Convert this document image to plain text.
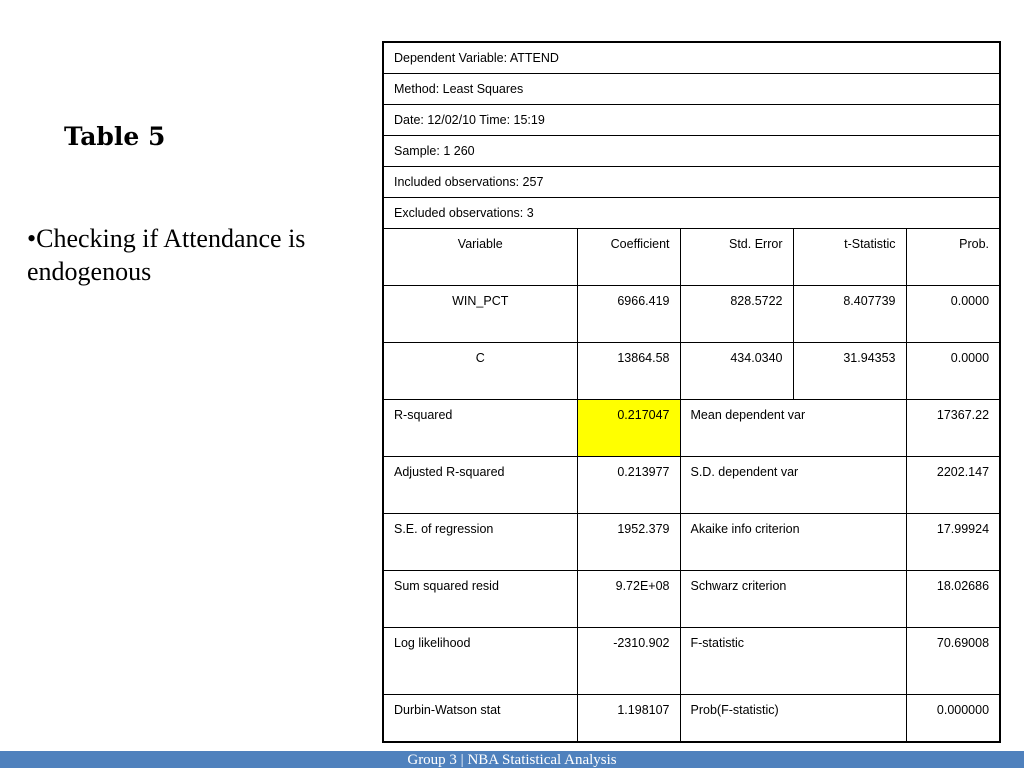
Table 5
•Checking if Attendance is endogenous
Dependent Variable: ATTEND				
Method: Least Squares				
Date: 12/02/10 Time: 15:19				
Sample: 1 260				
Included observations: 257				
Excluded observations: 3				
Variable	Coefficient	Std. Error	t-Statistic	Prob.
WIN_PCT	6966.419	828.5722	8.407739	0.0000
C	13864.58	434.0340	31.94353	0.0000
R-squared	0.217047	Mean dependent var		17367.22
Adjusted R-squared	0.213977	S.D. dependent var		2202.147
S.E. of regression	1952.379	Akaike info criterion		17.99924
Sum squared resid	9.72E+08	Schwarz criterion		18.02686
Log likelihood	-2310.902	F-statistic		70.69008
Durbin-Watson stat	1.198107	Prob(F-statistic)		0.000000
Group 3 | NBA Statistical Analysis
